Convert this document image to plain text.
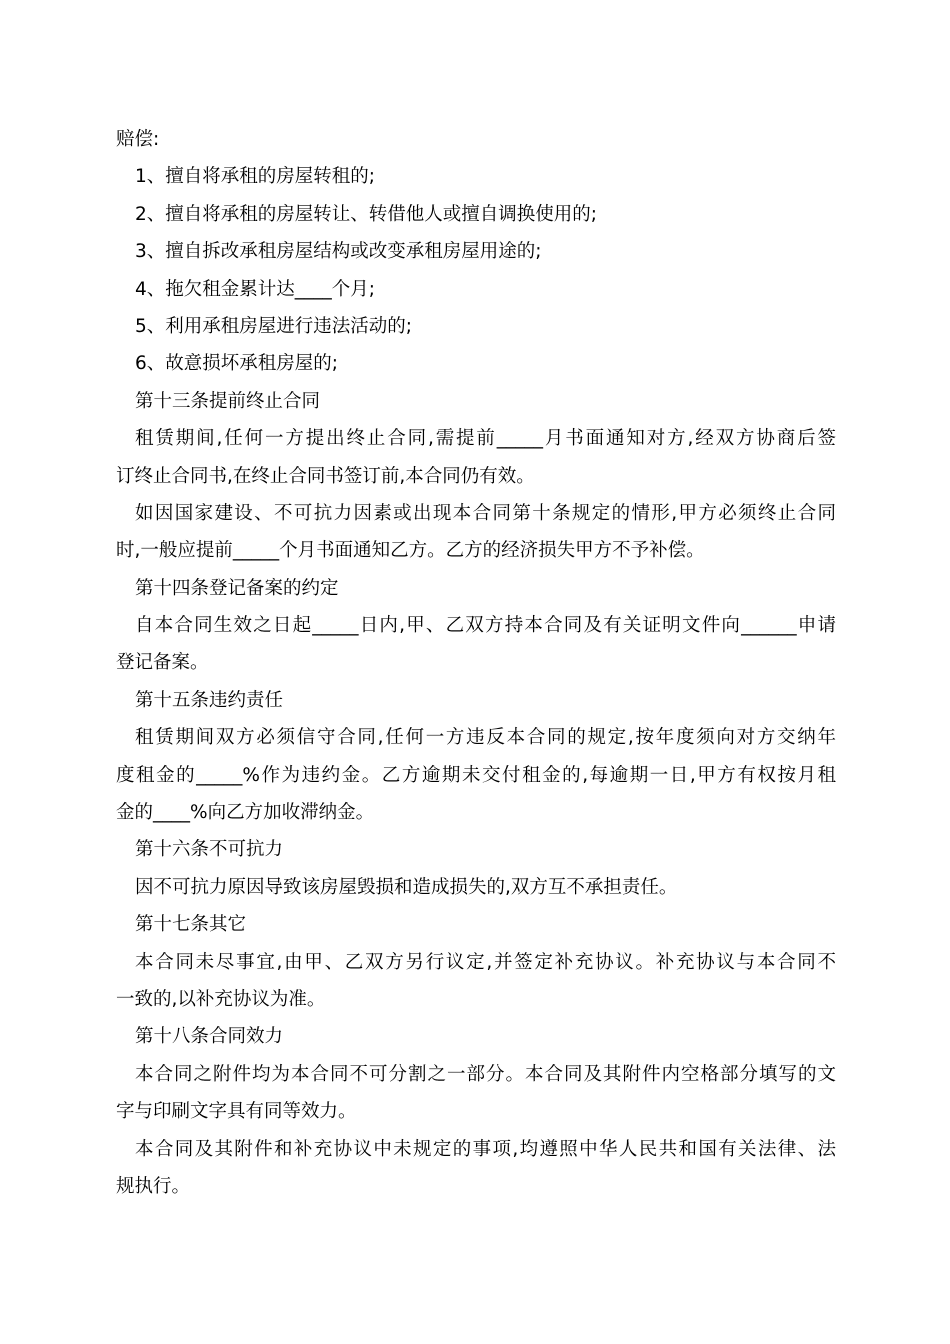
赔偿:
1、擅自将承租的房屋转租的;
2、擅自将承租的房屋转让、转借他人或擅自调换使用的;
3、擅自拆改承租房屋结构或改变承租房屋用途的;
4、拖欠租金累计达____个月;
5、利用承租房屋进行违法活动的;
6、故意损坏承租房屋的;
第十三条提前终止合同
租赁期间,任何一方提出终止合同,需提前_____月书面通知对方,经双方协商后签
订终止合同书,在终止合同书签订前,本合同仍有效。
如因国家建设、不可抗力因素或出现本合同第十条规定的情形,甲方必须终止合同
时,一般应提前_____个月书面通知乙方。乙方的经济损失甲方不予补偿。
第十四条登记备案的约定
自本合同生效之日起_____日内,甲、乙双方持本合同及有关证明文件向______申请
登记备案。
第十五条违约责任
租赁期间双方必须信守合同,任何一方违反本合同的规定,按年度须向对方交纳年
度租金的_____%作为违约金。乙方逾期未交付租金的,每逾期一日,甲方有权按月租
金的____%向乙方加收滞纳金。
第十六条不可抗力
因不可抗力原因导致该房屋毁损和造成损失的,双方互不承担责任。
第十七条其它
本合同未尽事宜,由甲、乙双方另行议定,并签定补充协议。补充协议与本合同不
一致的,以补充协议为准。
第十八条合同效力
本合同之附件均为本合同不可分割之一部分。本合同及其附件内空格部分填写的文
字与印刷文字具有同等效力。
本合同及其附件和补充协议中未规定的事项,均遵照中华人民共和国有关法律、法
规执行。
